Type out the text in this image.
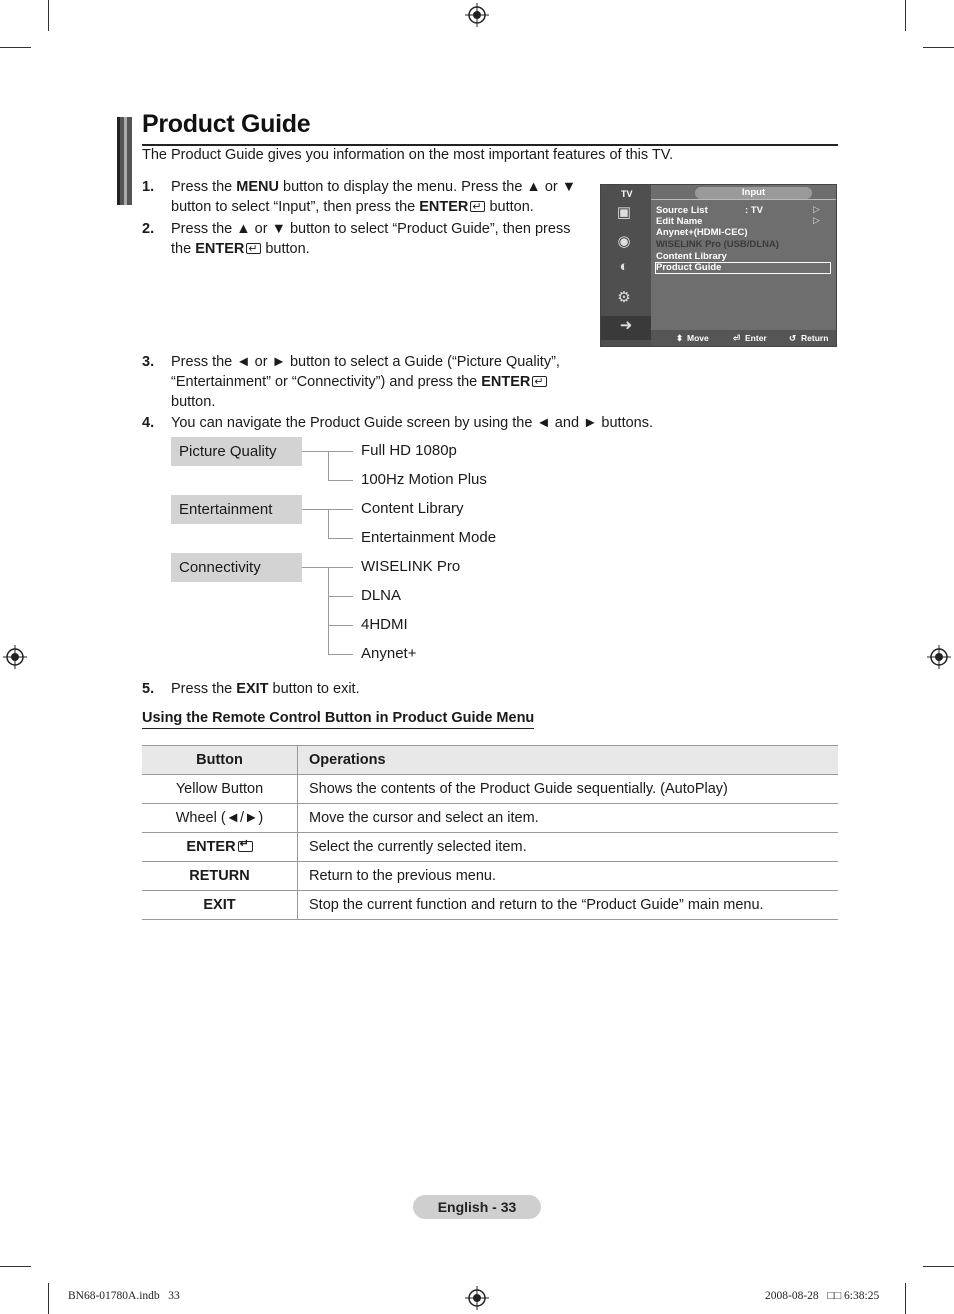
Product Guide
The Product Guide gives you information on the most important features of this TV.
1. Press the MENU button to display the menu. Press the ▲ or ▼
button to select “Input”, then press the ENTER↵ button.
2. Press the ▲ or ▼ button to select “Product Guide”, then press
the ENTER↵ button.
TV
▣
◉
◐
⚙
➜
Input
Source List	: TV	▷
Edit Name	▷
Anynet+(HDMI-CEC)
WISELINK Pro (USB/DLNA)
Content Library
Product Guide
⬍ Move	⏎ Enter	↺ Return
3. Press the ◄ or ► button to select a Guide (“Picture Quality”,
“Entertainment” or “Connectivity”) and press the ENTER↵
button.
4. You can navigate the Product Guide screen by using the ◄ and ► buttons.
Picture Quality
Entertainment
Connectivity
Full HD 1080p
100Hz Motion Plus
Content Library
Entertainment Mode
WISELINK Pro
DLNA
4HDMI
Anynet+
5. Press the EXIT button to exit.
Using the Remote Control Button in Product Guide Menu
Button	Operations
Yellow Button	Shows the contents of the Product Guide sequentially. (AutoPlay)
Wheel (◄/►)	Move the cursor and select an item.
ENTER↵	Select the currently selected item.
RETURN	Return to the previous menu.
EXIT	Stop the current function and return to the “Product Guide” main menu.
English - 33
BN68-01780A.indb   33	2008-08-28   □□ 6:38:25
